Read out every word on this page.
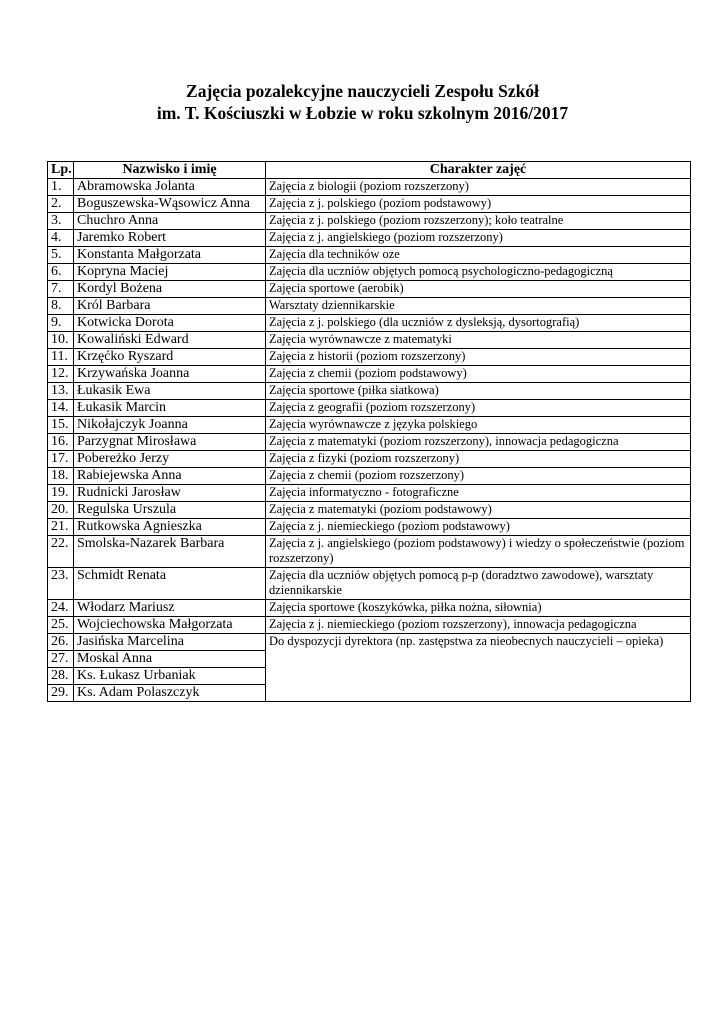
Zajęcia pozalekcyjne nauczycieli Zespołu Szkół
im. T. Kościuszki w Łobzie w roku szkolnym 2016/2017
Lp.	Nazwisko i imię	Charakter zajęć
1.	Abramowska Jolanta	Zajęcia z biologii (poziom rozszerzony)
2.	Boguszewska-Wąsowicz Anna	Zajęcia z j. polskiego (poziom podstawowy)
3.	Chuchro Anna	Zajęcia z j. polskiego (poziom rozszerzony); koło teatralne
4.	Jaremko Robert	Zajęcia z j. angielskiego (poziom rozszerzony)
5.	Konstanta Małgorzata	Zajęcia dla techników oze
6.	Kopryna Maciej	Zajęcia dla uczniów objętych pomocą psychologiczno-pedagogiczną
7.	Kordyl Bożena	Zajęcia sportowe (aerobik)
8.	Król Barbara	Warsztaty dziennikarskie
9.	Kotwicka Dorota	Zajęcia z j. polskiego (dla uczniów z dysleksją, dysortografią)
10.	Kowaliński Edward	Zajęcia wyrównawcze z matematyki
11.	Krzęćko Ryszard	Zajęcia z historii (poziom rozszerzony)
12.	Krzywańska Joanna	Zajęcia z chemii (poziom podstawowy)
13.	Łukasik Ewa	Zajęcia sportowe (piłka siatkowa)
14.	Łukasik Marcin	Zajęcia z geografii (poziom rozszerzony)
15.	Nikołajczyk Joanna	Zajęcia wyrównawcze z języka polskiego
16.	Parzygnat Mirosława	Zajęcia z matematyki (poziom rozszerzony), innowacja pedagogiczna
17.	Pobereżko Jerzy	Zajęcia z fizyki (poziom rozszerzony)
18.	Rabiejewska Anna	Zajęcia z chemii (poziom rozszerzony)
19.	Rudnicki Jarosław	Zajęcia informatyczno - fotograficzne
20.	Regulska Urszula	Zajęcia z matematyki (poziom podstawowy)
21.	Rutkowska Agnieszka	Zajęcia z j. niemieckiego (poziom podstawowy)
22.	Smolska-Nazarek Barbara	Zajęcia z j. angielskiego (poziom podstawowy) i wiedzy o społeczeństwie (poziom rozszerzony)
23.	Schmidt Renata	Zajęcia dla uczniów objętych pomocą p-p (doradztwo zawodowe), warsztaty dziennikarskie
24.	Włodarz Mariusz	Zajęcia sportowe (koszykówka, piłka nożna, siłownia)
25.	Wojciechowska Małgorzata	Zajęcia z j. niemieckiego (poziom rozszerzony), innowacja pedagogiczna
26.	Jasińska Marcelina	Do dyspozycji dyrektora (np. zastępstwa za nieobecnych nauczycieli – opieka)
27.	Moskal Anna	
28.	Ks. Łukasz Urbaniak	
29.	Ks. Adam Polaszczyk	
